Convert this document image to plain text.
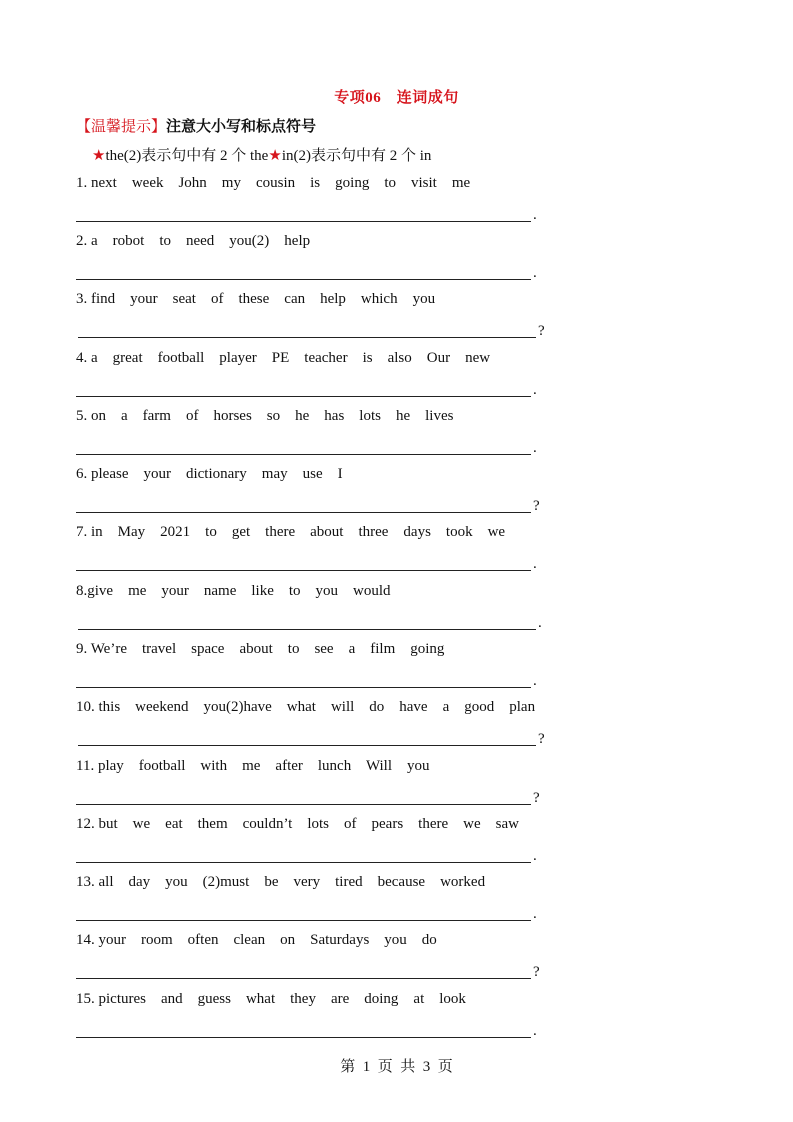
专项06　连词成句
【温馨提示】注意大小写和标点符号
★the(2)表示句中有 2 个 the★in(2)表示句中有 2 个 in
1. next    week    John    my    cousin    is    going    to    visit    me
.
2. a    robot    to    need    you(2)    help
.
3. find    your    seat    of    these    can    help    which    you
?
4. a    great    football    player    PE    teacher    is    also    Our    new
.
5. on    a    farm    of    horses    so    he    has    lots    he    lives
.
6. please    your    dictionary    may    use    I
?
7. in    May    2021    to    get    there    about    three    days    took    we
.
8.give    me    your    name    like    to    you    would
.
9. We’re    travel    space    about    to    see    a    film    going
.
10. this    weekend    you(2)have    what    will    do    have    a    good    plan
?
11. play    football    with    me    after    lunch    Will    you
?
12. but    we    eat    them    couldn’t    lots    of    pears    there    we    saw
.
13. all    day    you    (2)must    be    very    tired    because    worked
.
14. your    room    often    clean    on    Saturdays    you    do
?
15. pictures    and    guess    what    they    are    doing    at    look
.
第  1  页  共  3  页
